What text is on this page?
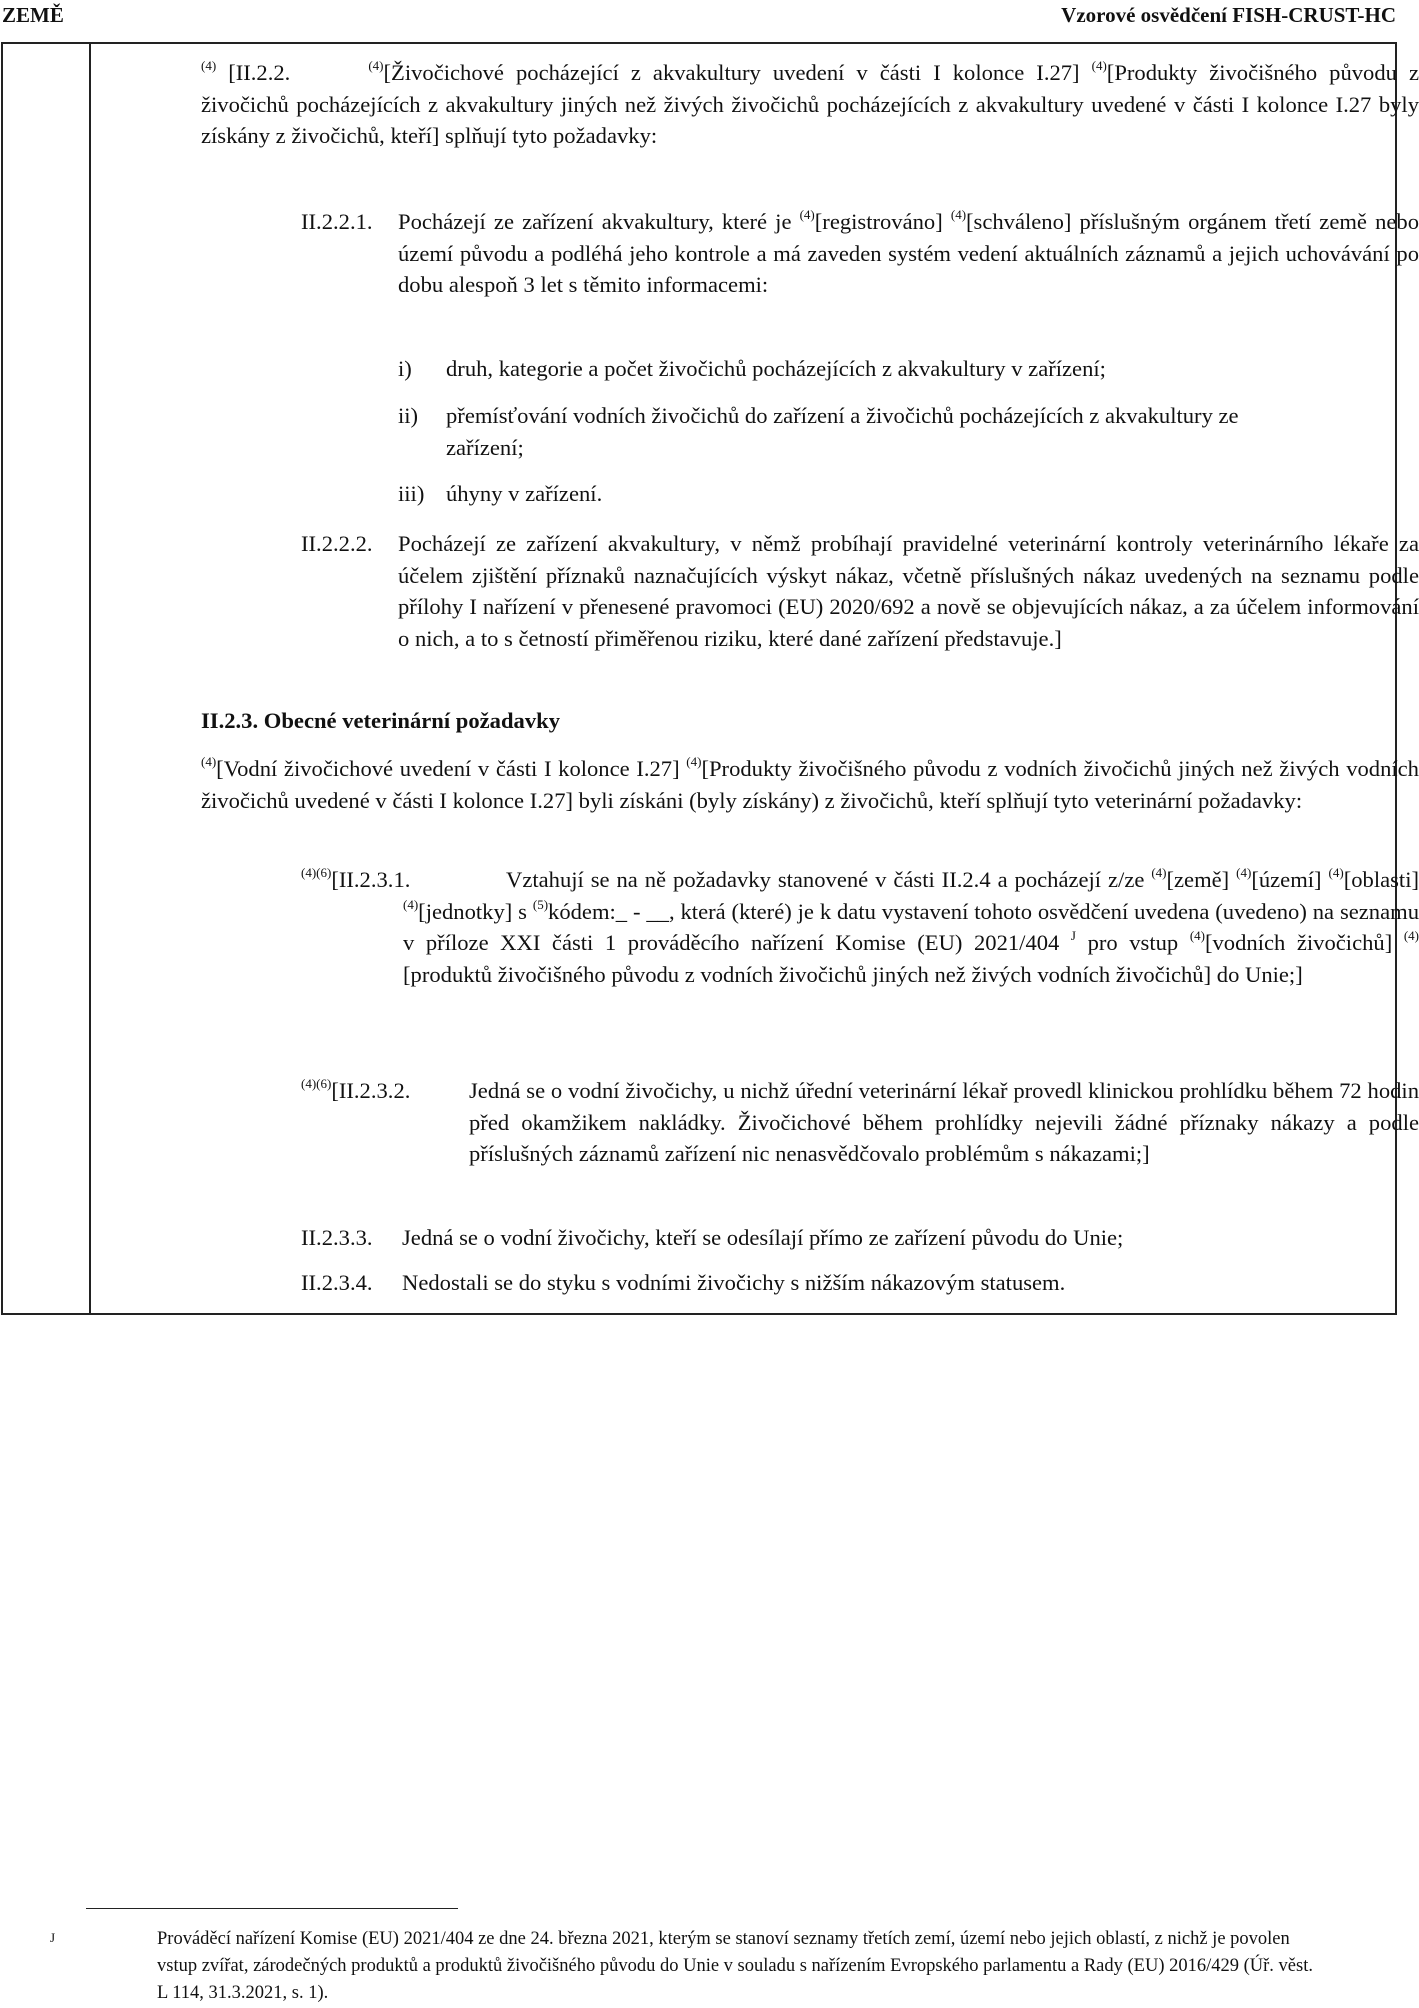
ZEMĚ	Vzorové osvědčení FISH-CRUST-HC

$^{(4)}$ [II.2.2.	$^{(4)}$[Živočichové pocházející z akvakultury uvedení v části I kolonce I.27] $^{(4)}$[Produkty živočišného původu z živočichů pocházejících z akvakultury jiných než živých živočichů pocházejících z akvakultury uvedené v části I kolonce I.27 byly získány z živočichů, kteří] splňují tyto požadavky:

II.2.2.1. Pocházejí ze zařízení akvakultury, které je $^{(4)}$[registrováno] $^{(4)}$[schváleno] příslušným orgánem třetí země nebo území původu a podléhá jeho kontrole a má zaveden systém vedení aktuálních záznamů a jejich uchovávání po dobu alespoň 3 let s těmito informacemi:
i) druh, kategorie a počet živočichů pocházejících z akvakultury v zařízení;
ii) přemísťování vodních živočichů do zařízení a živočichů pocházejících z akvakultury ze zařízení;
iii) úhyny v zařízení.
II.2.2.2. Pocházejí ze zařízení akvakultury, v němž probíhají pravidelné veterinární kontroly veterinárního lékaře za účelem zjištění příznaků naznačujících výskyt nákaz, včetně příslušných nákaz uvedených na seznamu podle přílohy I nařízení v přenesené pravomoci (EU) 2020/692 a nově se objevujících nákaz, a za účelem informování o nich, a to s četností přiměřenou riziku, které dané zařízení představuje.]
II.2.3. Obecné veterinární požadavky
$^{(4)}$[Vodní živočichové uvedení v části I kolonce I.27] $^{(4)}$[Produkty živočišného původu z vodních živočichů jiných než živých vodních živočichů uvedené v části I kolonce I.27] byli získáni (byly získány) z živočichů, kteří splňují tyto veterinární požadavky:
$^{(4)(6)}$[II.2.3.1.	Vztahují se na ně požadavky stanovené v části II.2.4 a pocházejí z/ze $^{(4)}$[země] $^{(4)}$[území] $^{(4)}$[oblasti] $^{(4)}$[jednotky] s $^{(5)}$kódem:_ - __, která (které) je k datu vystavení tohoto osvědčení uvedena (uvedeno) na seznamu v příloze XXI části 1 prováděcího nařízení Komise (EU) 2021/404 $^J$ pro vstup $^{(4)}$[vodních živočichů] $^{(4)}$[produktů živočišného původu z vodních živočichů jiných než živých vodních živočichů] do Unie;]
$^{(4)(6)}$[II.2.3.2.	Jedná se o vodní živočichy, u nichž úřední veterinární lékař provedl klinickou prohlídku během 72 hodin před okamžikem nakládky. Živočichové během prohlídky nejevili žádné příznaky nákazy a podle příslušných záznamů zařízení nic nenasvědčovalo problémům s nákazami;]
II.2.3.3. Jedná se o vodní živočichy, kteří se odesílají přímo ze zařízení původu do Unie;
II.2.3.4. Nedostali se do styku s vodními živočichy s nižším nákazovým statusem.
J	Prováděcí nařízení Komise (EU) 2021/404 ze dne 24. března 2021, kterým se stanoví seznamy třetích zemí, území nebo jejich oblastí, z nichž je povolen vstup zvířat, zárodečných produktů a produktů živočišného původu do Unie v souladu s nařízením Evropského parlamentu a Rady (EU) 2016/429 (Úř. věst. L 114, 31.3.2021, s. 1).
